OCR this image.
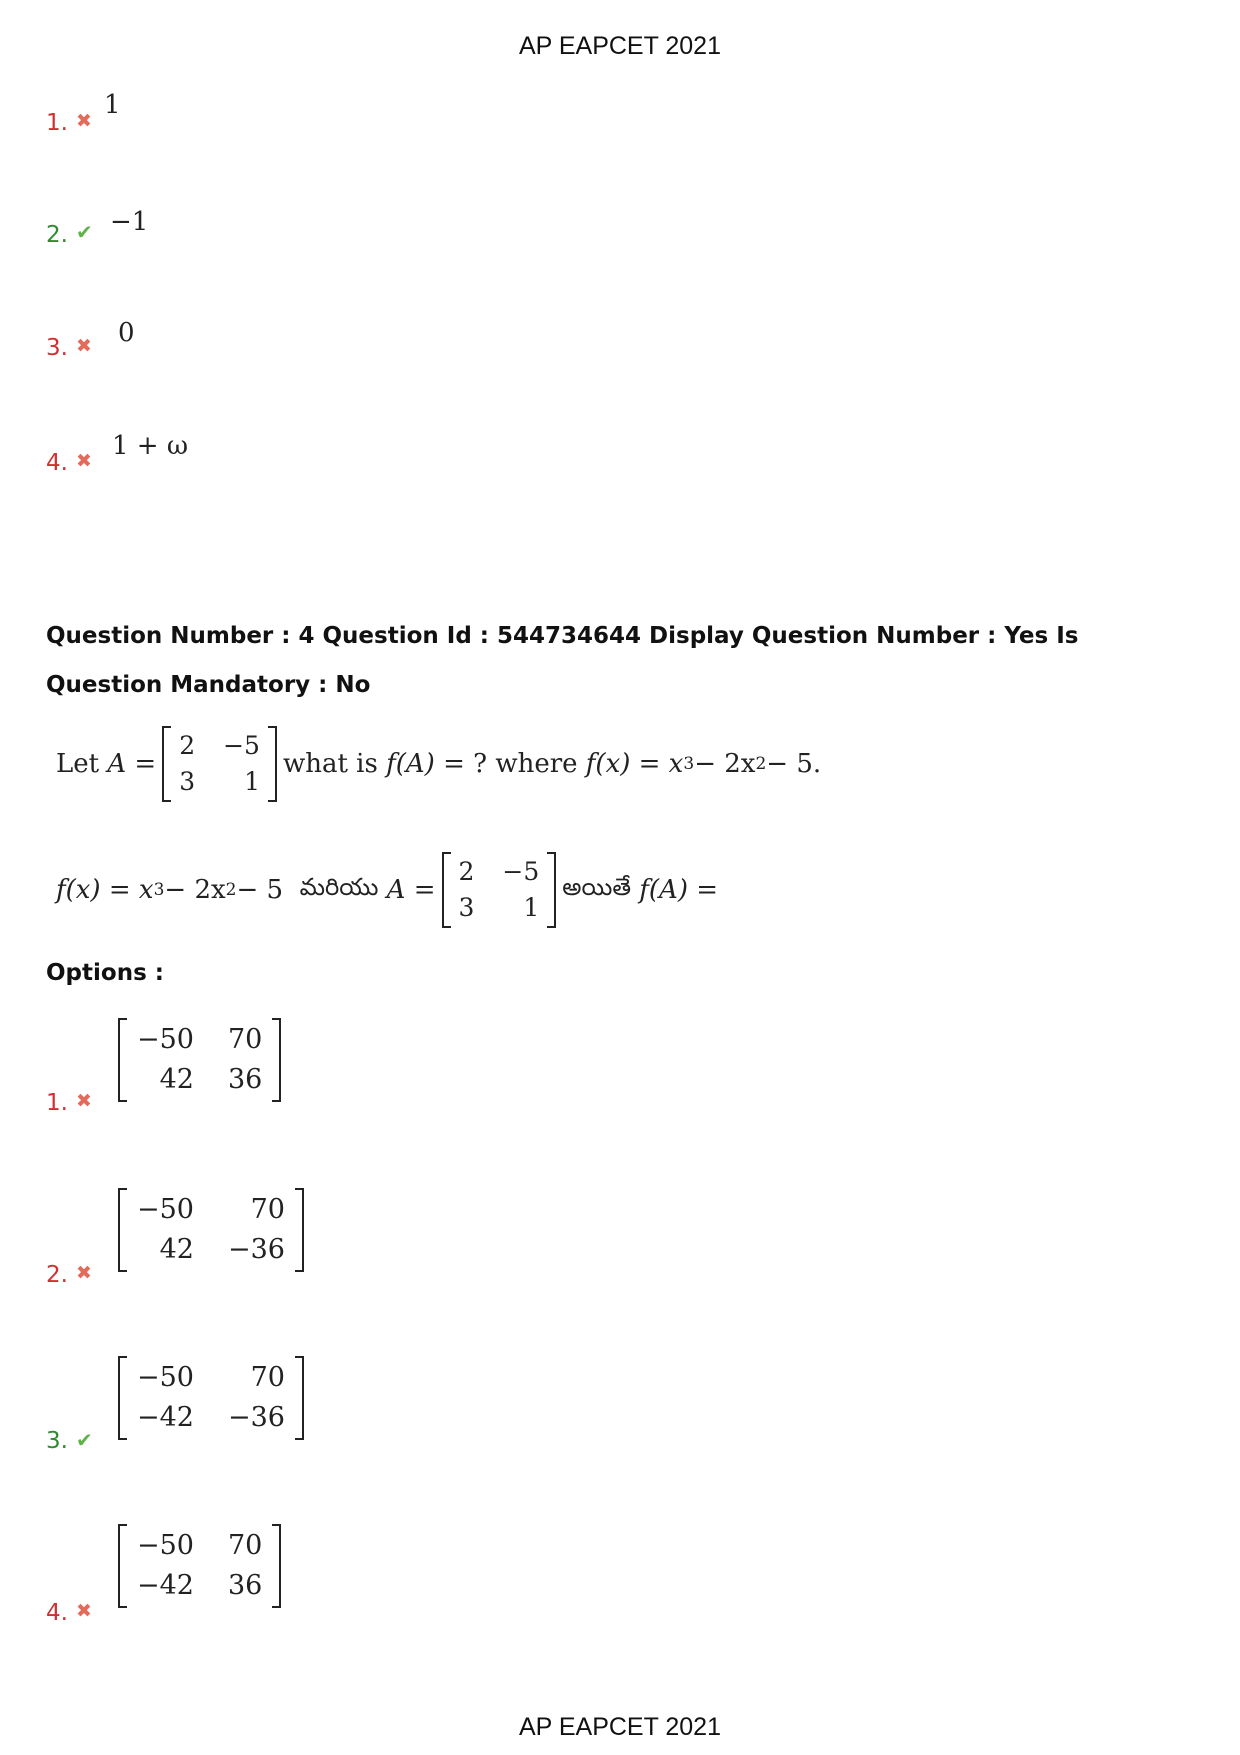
AP EAPCET 2021
1. ✖
1
2. ✔ −1
3. ✖ 0
4. ✖ 1 + ω
Question Number : 4 Question Id : 544734644 Display Question Number : Yes Is Question Mandatory : No
Let
A =
2 −5
3	1
what is
f(A)
= ? where
f(x) = x 3 − 2x 2 − 5.
f(x) = x 3 − 2x 2 − 5
మరియు
A =
2 −5
3	1
అయితే
f(A) =
Options :
−50 70
42 36
1. ✖
−50	70
42 −36
2. ✖
−50	70
−42 −36
3. ✔
−50 70
−42 36
4. ✖
AP EAPCET 2021
